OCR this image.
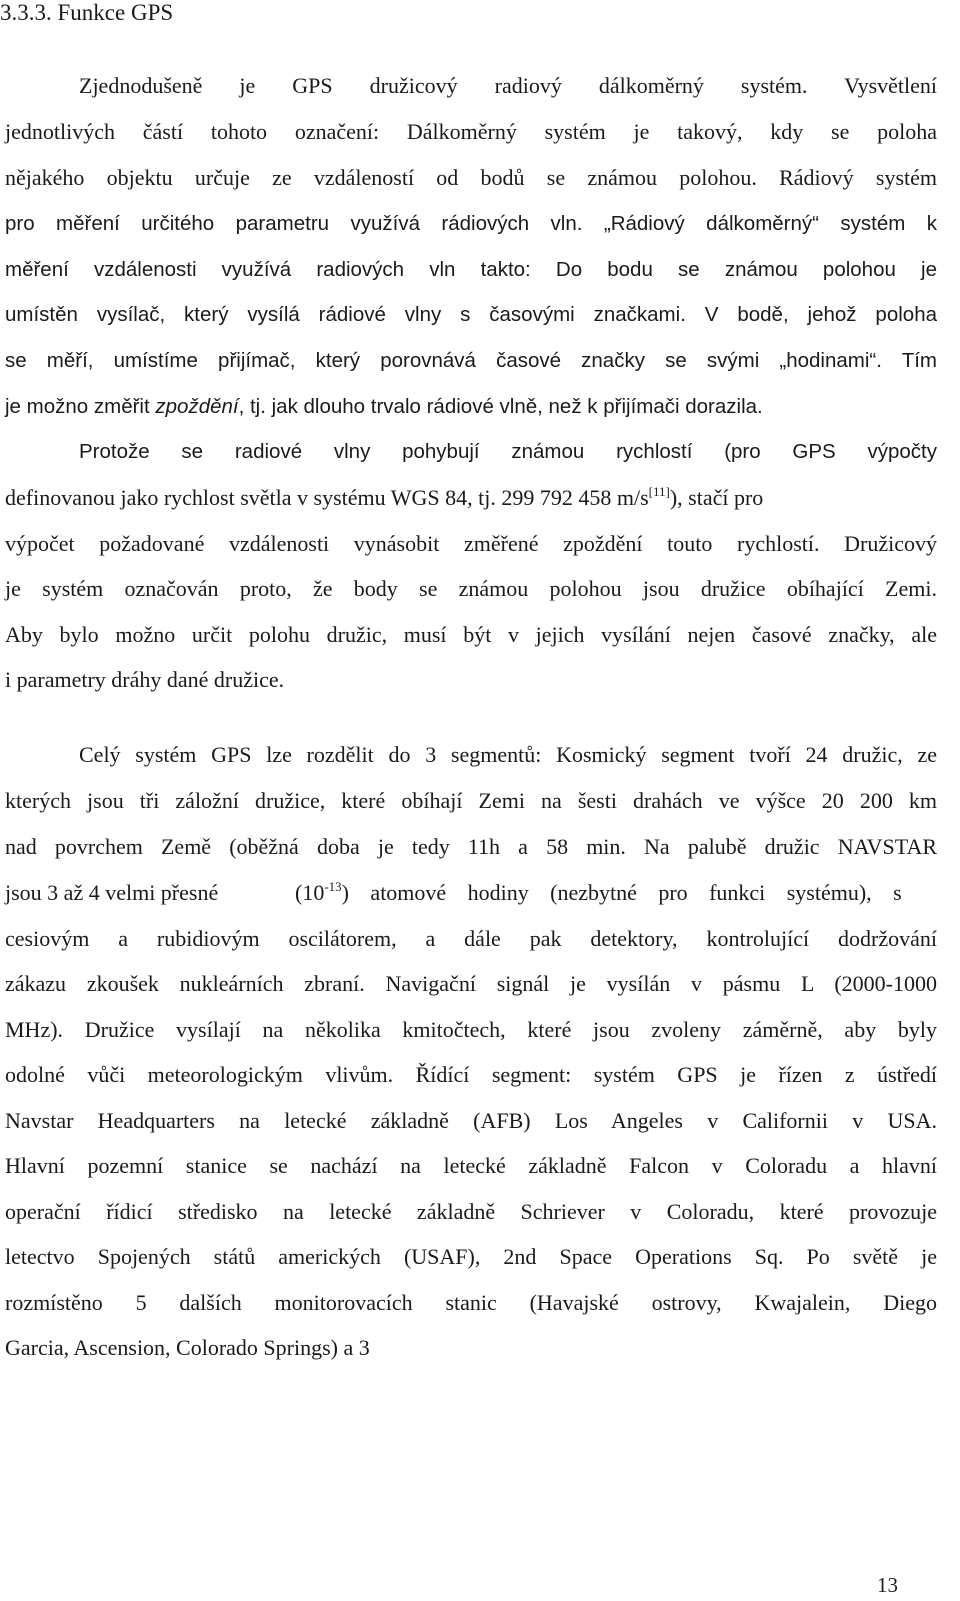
3.3.3. Funkce GPS

Zjednodušeně je GPS družicový radiový dálkoměrný systém. Vysvětlení

jednotlivých částí tohoto označení: Dálkoměrný systém je takový, kdy se poloha

nějakého objektu určuje ze vzdáleností od bodů se známou polohou. Rádiový systém

pro měření určitého parametru využívá rádiových vln. „Rádiový dálkoměrný“ systém k

měření vzdálenosti využívá radiových vln takto: Do bodu se známou polohou je

umístěn vysílač, který vysílá rádiové vlny s časovými značkami. V bodě, jehož poloha

se měří, umístíme přijímač, který porovnává časové značky se svými „hodinami“. Tím

je možno změřit zpoždění, tj. jak dlouho trvalo rádiové vlně, než k přijímači dorazila.

Protože se radiové vlny pohybují známou rychlostí (pro GPS výpočty

definovanou jako rychlost světla v systému WGS 84, tj. 299 792 458 m/s[11]), stačí pro

výpočet požadované vzdálenosti vynásobit změřené zpoždění touto rychlostí. Družicový

je systém označován proto, že body se známou polohou jsou družice obíhající Zemi.

Aby bylo možno určit polohu družic, musí být v jejich vysílání nejen časové značky, ale

i parametry dráhy dané družice.

Celý systém GPS lze rozdělit do 3 segmentů: Kosmický segment tvoří 24 družic, ze

kterých jsou tři záložní družice, které obíhají Zemi na šesti drahách ve výšce 20 200 km

nad povrchem Země (oběžná doba je tedy 11h a 58 min. Na palubě družic NAVSTAR

jsou 3 až 4 velmi přesné	$(10^{-13})$ atomové hodiny (nezbytné pro funkci systému), s

cesiovým a rubidiovým oscilátorem, a dále pak detektory, kontrolující dodržování

zákazu zkoušek nukleárních zbraní. Navigační signál je vysílán v pásmu L (2000-1000

MHz). Družice vysílají na několika kmitočtech, které jsou zvoleny záměrně, aby byly

odolné vůči meteorologickým vlivům. Řídící segment: systém GPS je řízen z ústředí

Navstar Headquarters na letecké základně (AFB) Los Angeles v Californii v USA.

Hlavní pozemní stanice se nachází na letecké základně Falcon v Coloradu a hlavní

operační řídicí středisko na letecké základně Schriever v Coloradu, které provozuje

letectvo Spojených států amerických (USAF), 2nd Space Operations Sq. Po světě je

rozmístěno 5 dalších monitorovacích stanic (Havajské ostrovy, Kwajalein, Diego

Garcia, Ascension, Colorado Springs) a 3

13
